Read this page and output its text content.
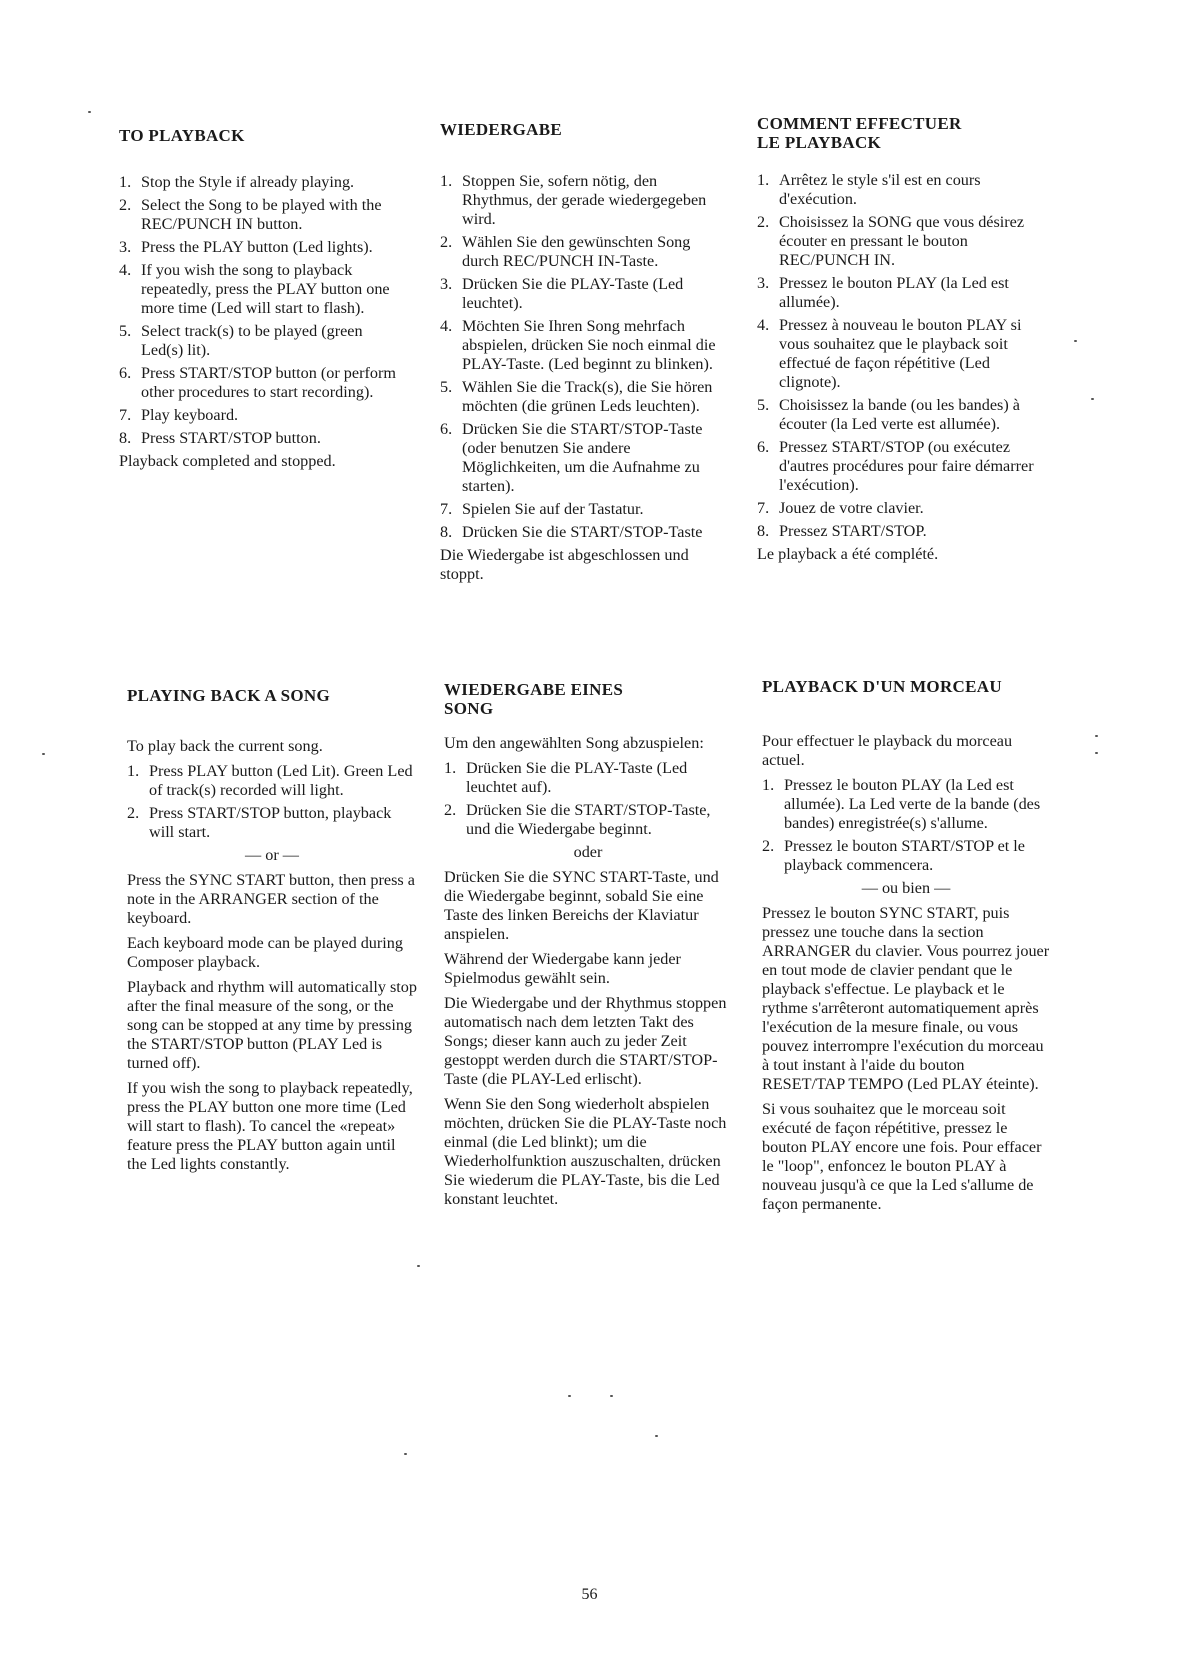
TO PLAYBACK
1. Stop the Style if already playing.
2. Select the Song to be played with the REC/PUNCH IN button.
3. Press the PLAY button (Led lights).
4. If you wish the song to playback repeatedly, press the PLAY button one more time (Led will start to flash).
5. Select track(s) to be played (green Led(s) lit).
6. Press START/STOP button (or perform other procedures to start recording).
7. Play keyboard.
8. Press START/STOP button.

Playback completed and stopped.

WIEDERGABE
1. Stoppen Sie, sofern nötig, den Rhythmus, der gerade wiedergegeben wird.
2. Wählen Sie den gewünschten Song durch REC/PUNCH IN-Taste.
3. Drücken Sie die PLAY-Taste (Led leuchtet).
4. Möchten Sie Ihren Song mehrfach abspielen, drücken Sie noch einmal die PLAY-Taste. (Led beginnt zu blinken).
5. Wählen Sie die Track(s), die Sie hören möchten (die grünen Leds leuchten).
6. Drücken Sie die START/STOP-Taste (oder benutzen Sie andere Möglichkeiten, um die Aufnahme zu starten).
7. Spielen Sie auf der Tastatur.
8. Drücken Sie die START/STOP-Taste

Die Wiedergabe ist abgeschlossen und stoppt.

COMMENT EFFECTUER
LE PLAYBACK
1. Arrêtez le style s'il est en cours d'exécution.
2. Choisissez la SONG que vous désirez écouter en pressant le bouton REC/PUNCH IN.
3. Pressez le bouton PLAY (la Led est allumée).
4. Pressez à nouveau le bouton PLAY si vous souhaitez que le playback soit effectué de façon répétitive (Led clignote).
5. Choisissez la bande (ou les bandes) à écouter (la Led verte est allumée).
6. Pressez START/STOP (ou exécutez d'autres procédures pour faire démarrer l'exécution).
7. Jouez de votre clavier.
8. Pressez START/STOP.

Le playback a été complété.

PLAYING BACK A SONG

To play back the current song.

1. Press PLAY button (Led Lit). Green Led of track(s) recorded will light.
2. Press START/STOP button, playback will start.

— or —

Press the SYNC START button, then press a note in the ARRANGER section of the keyboard.

Each keyboard mode can be played during Composer playback.

Playback and rhythm will automatically stop after the final measure of the song, or the song can be stopped at any time by pressing the START/STOP button (PLAY Led is turned off).

If you wish the song to playback repeatedly, press the PLAY button one more time (Led will start to flash). To cancel the «repeat» feature press the PLAY button again until the Led lights constantly.

WIEDERGABE EINES
SONG

Um den angewählten Song abzuspielen:

1. Drücken Sie die PLAY-Taste (Led leuchtet auf).
2. Drücken Sie die START/STOP-Taste, und die Wiedergabe beginnt.

oder

Drücken Sie die SYNC START-Taste, und die Wiedergabe beginnt, sobald Sie eine Taste des linken Bereichs der Klaviatur anspielen.

Während der Wiedergabe kann jeder Spielmodus gewählt sein.

Die Wiedergabe und der Rhythmus stoppen automatisch nach dem letzten Takt des Songs; dieser kann auch zu jeder Zeit gestoppt werden durch die START/STOP-Taste (die PLAY-Led erlischt).

Wenn Sie den Song wiederholt abspielen möchten, drücken Sie die PLAY-Taste noch einmal (die Led blinkt); um die Wiederholfunktion auszuschalten, drücken Sie wiederum die PLAY-Taste, bis die Led konstant leuchtet.

PLAYBACK D'UN MORCEAU

Pour effectuer le playback du morceau actuel.

1. Pressez le bouton PLAY (la Led est allumée). La Led verte de la bande (des bandes) enregistrée(s) s'allume.
2. Pressez le bouton START/STOP et le playback commencera.

— ou bien —

Pressez le bouton SYNC START, puis pressez une touche dans la section ARRANGER du clavier. Vous pourrez jouer en tout mode de clavier pendant que le playback s'effectue. Le playback et le rythme s'arrêteront automatiquement après l'exécution de la mesure finale, ou vous pouvez interrompre l'exécution du morceau à tout instant à l'aide du bouton RESET/TAP TEMPO (Led PLAY éteinte).

Si vous souhaitez que le morceau soit exécuté de façon répétitive, pressez le bouton PLAY encore une fois. Pour effacer le "loop", enfoncez le bouton PLAY à nouveau jusqu'à ce que la Led s'allume de façon permanente.

56
